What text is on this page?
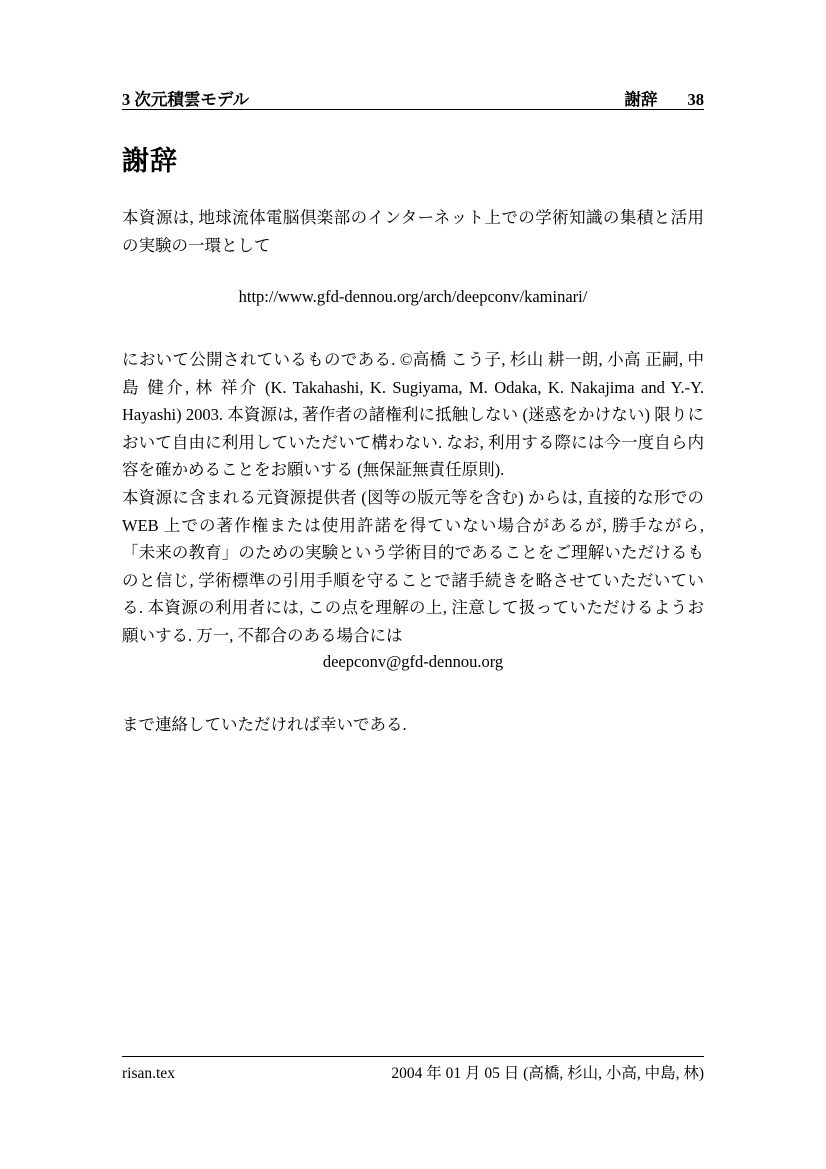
3 次元積雲モデル	謝辞 38
謝辞

本資源は, 地球流体電脳倶楽部のインターネット上での学術知識の集積と活用の実験の一環として

http://www.gfd-dennou.org/arch/deepconv/kaminari/

において公開されているものである. ©高橋 こう子, 杉山 耕一朗, 小高 正嗣, 中島 健介, 林 祥介 (K. Takahashi, K. Sugiyama, M. Odaka, K. Nakajima and Y.-Y. Hayashi) 2003. 本資源は, 著作者の諸権利に抵触しない (迷惑をかけない) 限りにおいて自由に利用していただいて構わない. なお, 利用する際には今一度自ら内容を確かめることをお願いする (無保証無責任原則).

本資源に含まれる元資源提供者 (図等の版元等を含む) からは, 直接的な形での WEB 上での著作権または使用許諾を得ていない場合があるが, 勝手ながら, 「未来の教育」のための実験という学術目的であることをご理解いただけるものと信じ, 学術標準の引用手順を守ることで諸手続きを略させていただいている. 本資源の利用者には, この点を理解の上, 注意して扱っていただけるようお願いする. 万一, 不都合のある場合には

deepconv@gfd-dennou.org

まで連絡していただければ幸いである.

risan.tex	2004 年 01 月 05 日 (高橋, 杉山, 小高, 中島, 林)
